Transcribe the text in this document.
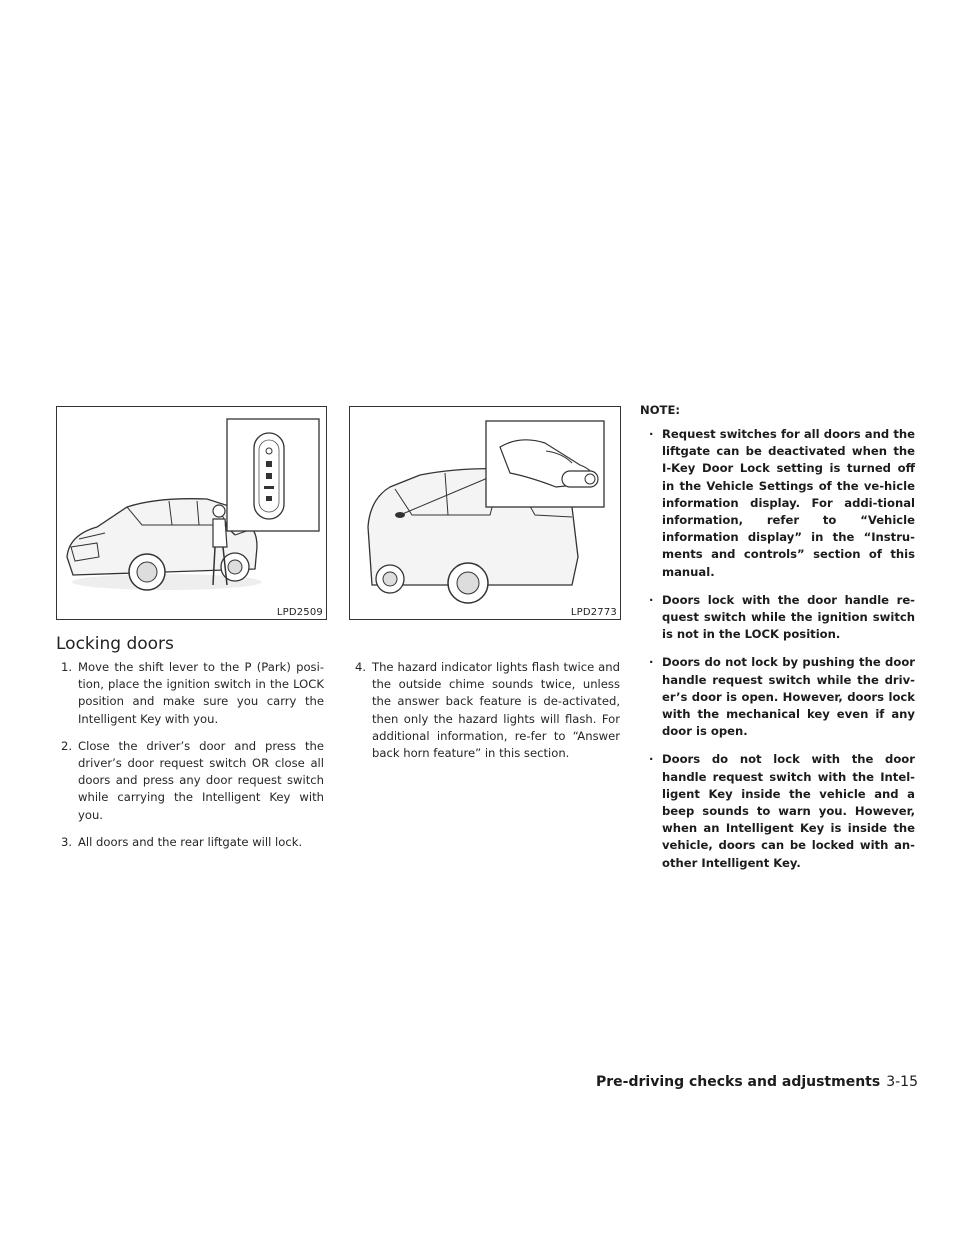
LPD2509	LPD2773
Locking doors
1. Move the shift lever to the P (Park) posi-tion, place the ignition switch in the LOCK position and make sure you carry the Intelligent Key with you.
2. Close the driver’s door and press the driver’s door request switch OR close all doors and press any door request switch while carrying the Intelligent Key with you.
3. All doors and the rear liftgate will lock.
4. The hazard indicator lights flash twice and the outside chime sounds twice, unless the answer back feature is de-activated, then only the hazard lights will flash. For additional information, re-fer to “Answer back horn feature” in this section.
NOTE:
· Request switches for all doors and the liftgate can be deactivated when the I-Key Door Lock setting is turned off in the Vehicle Settings of the ve-hicle information display. For addi-tional information, refer to “Vehicle information display” in the “Instru-ments and controls” section of this manual.
· Doors lock with the door handle re-quest switch while the ignition switch is not in the LOCK position.
· Doors do not lock by pushing the door handle request switch while the driv-er’s door is open. However, doors lock with the mechanical key even if any door is open.
· Doors do not lock with the door handle request switch with the Intel-ligent Key inside the vehicle and a beep sounds to warn you. However, when an Intelligent Key is inside the vehicle, doors can be locked with an-other Intelligent Key.
Pre-driving checks and adjustments 3-15
